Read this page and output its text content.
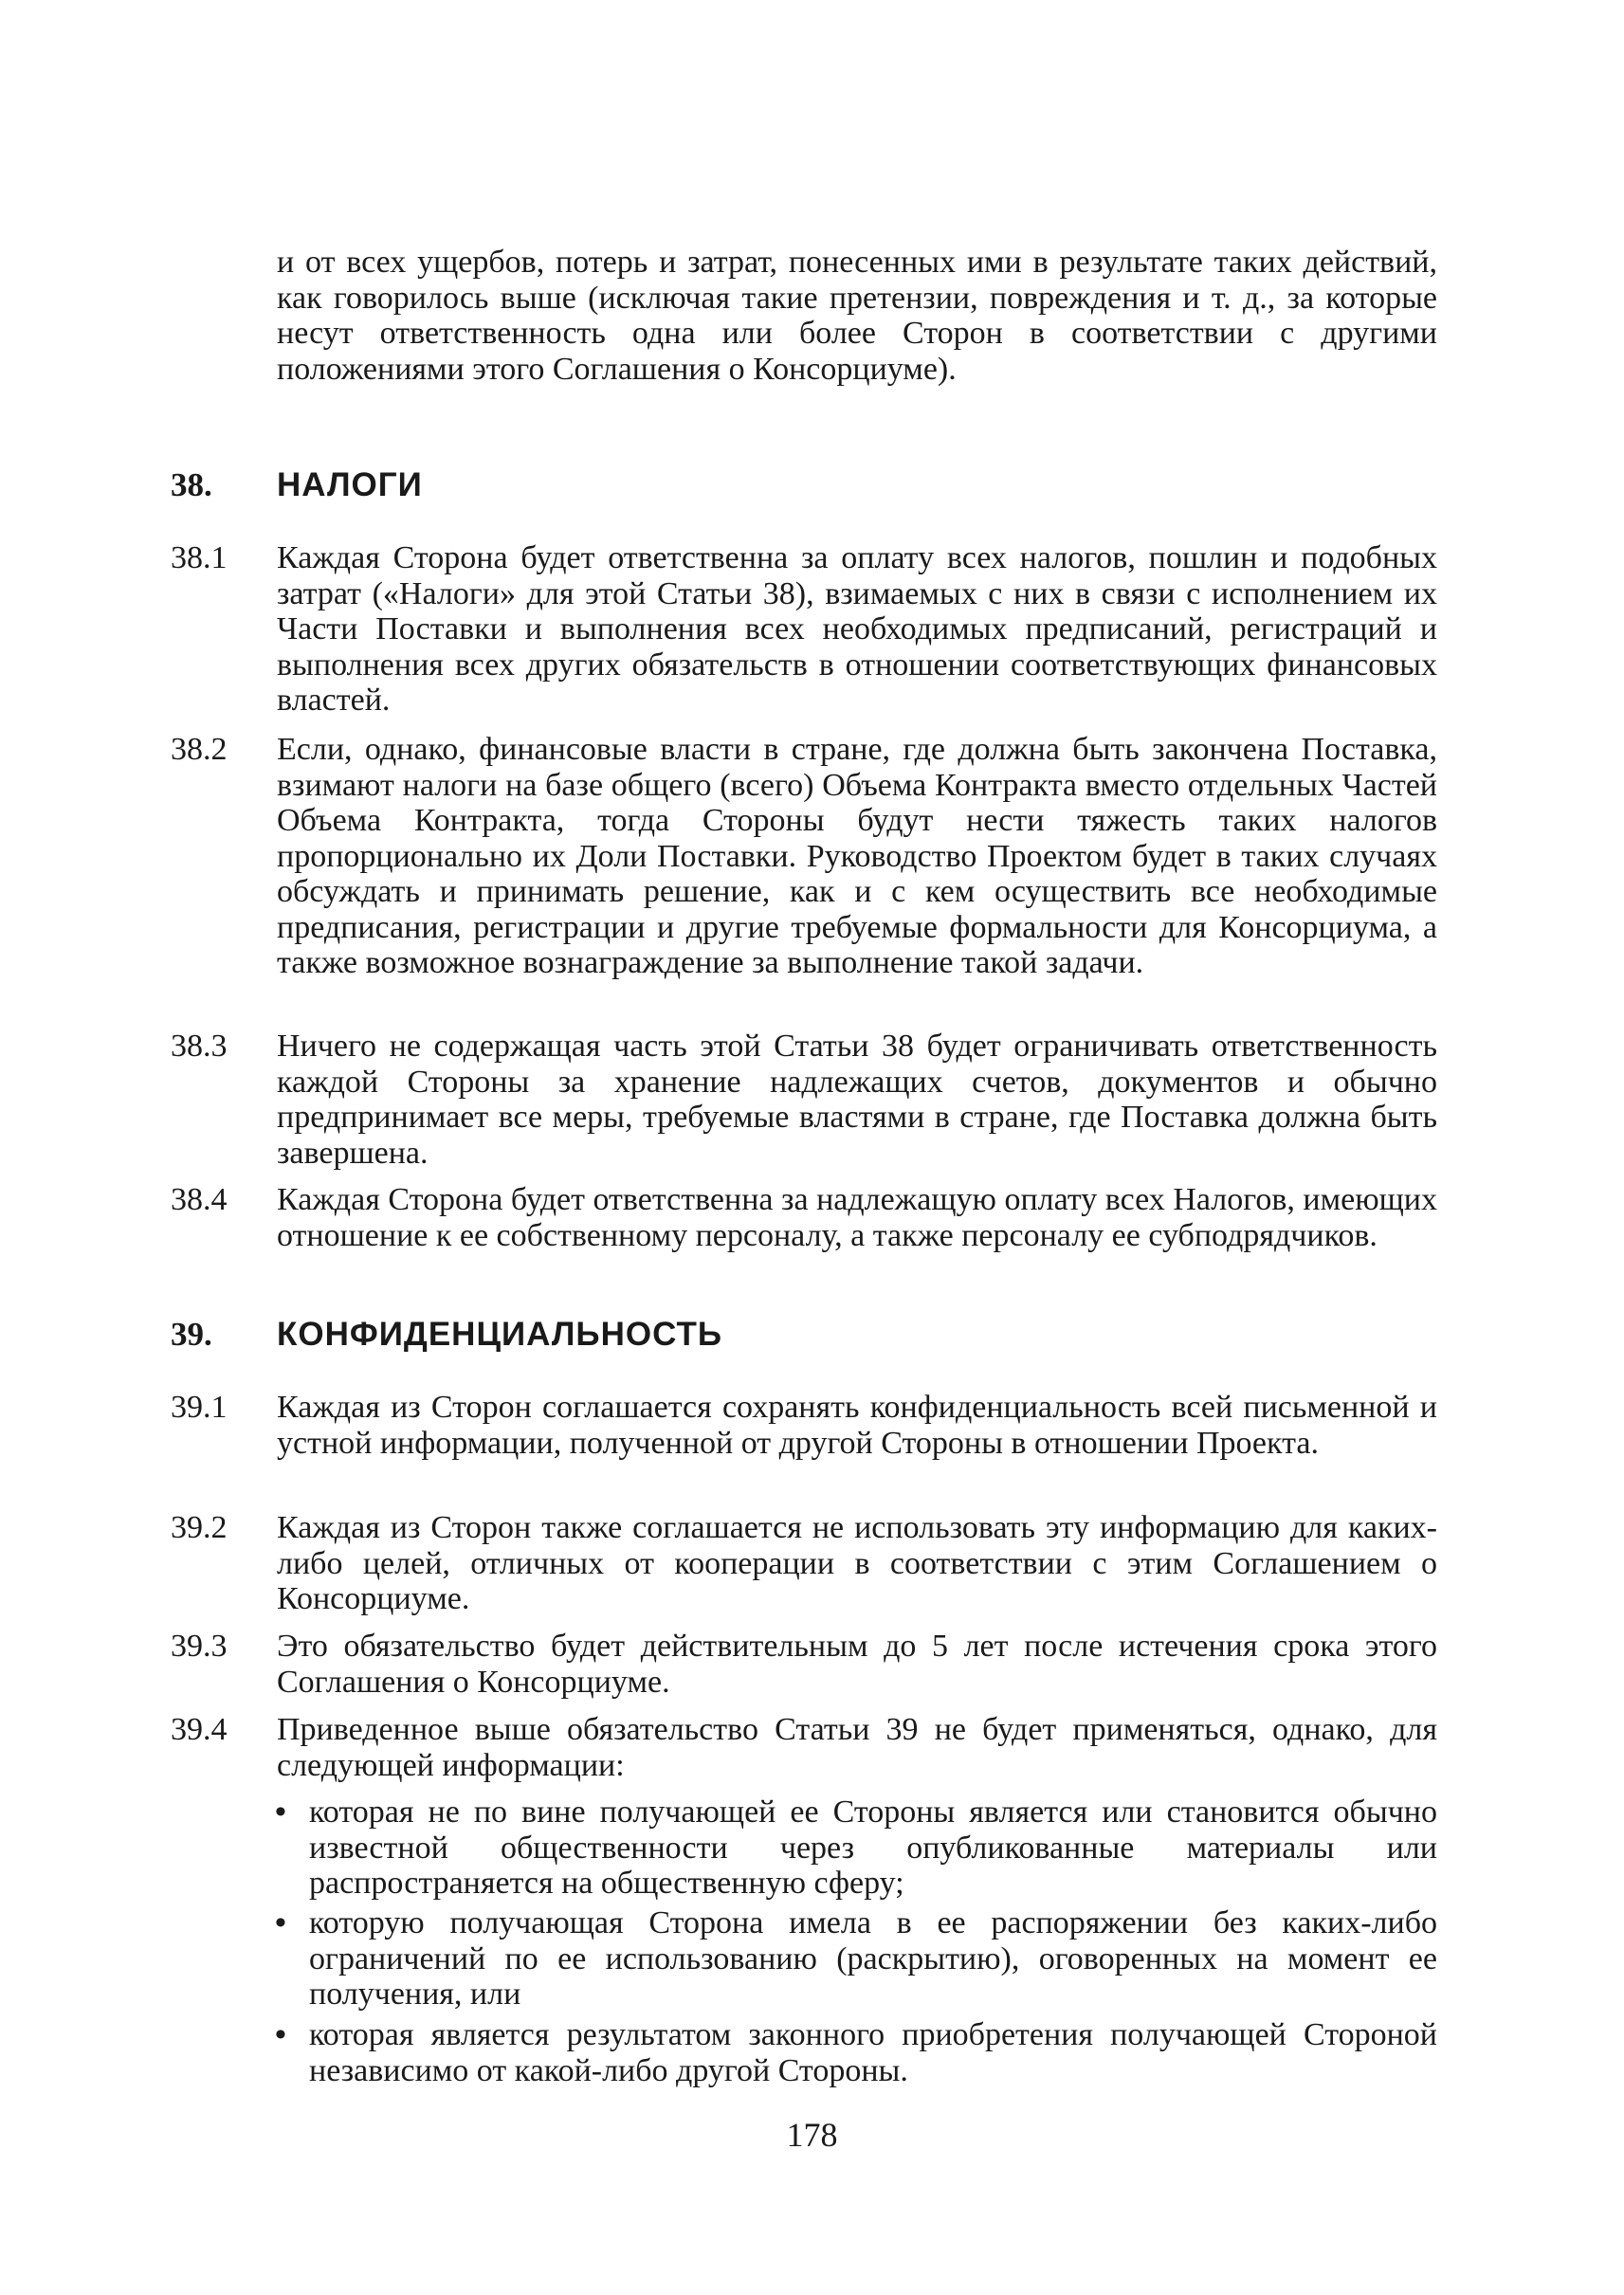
и от всех ущербов, потерь и затрат, понесенных ими в результате таких действий, как говорилось выше (исключая такие претензии, повреждения и т. д., за которые несут ответственность одна или более Сторон в соответствии с другими положениями этого Соглашения о Консорциуме).

38. НАЛОГИ
38.1 Каждая Сторона будет ответственна за оплату всех налогов, пошлин и подобных затрат («Налоги» для этой Статьи 38), взимаемых с них в связи с исполнением их Части Поставки и выполнения всех необходимых предписаний, регистраций и выполнения всех других обязательств в отношении соответствующих финансовых властей.

38.2 Если, однако, финансовые власти в стране, где должна быть закончена Поставка, взимают налоги на базе общего (всего) Объема Контракта вместо отдельных Частей Объема Контракта, тогда Стороны будут нести тяжесть таких налогов пропорционально их Доли Поставки. Руководство Проектом будет в таких случаях обсуждать и принимать решение, как и с кем осуществить все необходимые предписания, регистрации и другие требуемые формальности для Консорциума, а также возможное вознаграждение за выполнение такой задачи.

38.3 Ничего не содержащая часть этой Статьи 38 будет ограничивать ответственность каждой Стороны за хранение надлежащих счетов, документов и обычно предпринимает все меры, требуемые властями в стране, где Поставка должна быть завершена.

38.4 Каждая Сторона будет ответственна за надлежащую оплату всех Налогов, имеющих отношение к ее собственному персоналу, а также персоналу ее субподрядчиков.

39. КОНФИДЕНЦИАЛЬНОСТЬ
39.1 Каждая из Сторон соглашается сохранять конфиденциальность всей письменной и устной информации, полученной от другой Стороны в отношении Проекта.

39.2 Каждая из Сторон также соглашается не использовать эту информацию для каких-либо целей, отличных от кооперации в соответствии с этим Соглашением о Консорциуме.

39.3 Это обязательство будет действительным до 5 лет после истечения срока этого Соглашения о Консорциуме.

39.4 Приведенное выше обязательство Статьи 39 не будет применяться, однако, для следующей информации:

• которая не по вине получающей ее Стороны является или становится обычно известной общественности через опубликованные материалы или распространяется на общественную сферу;
• которую получающая Сторона имела в ее распоряжении без каких-либо ограничений по ее использованию (раскрытию), оговоренных на момент ее получения, или
• которая является результатом законного приобретения получающей Стороной независимо от какой-либо другой Стороны.
178
